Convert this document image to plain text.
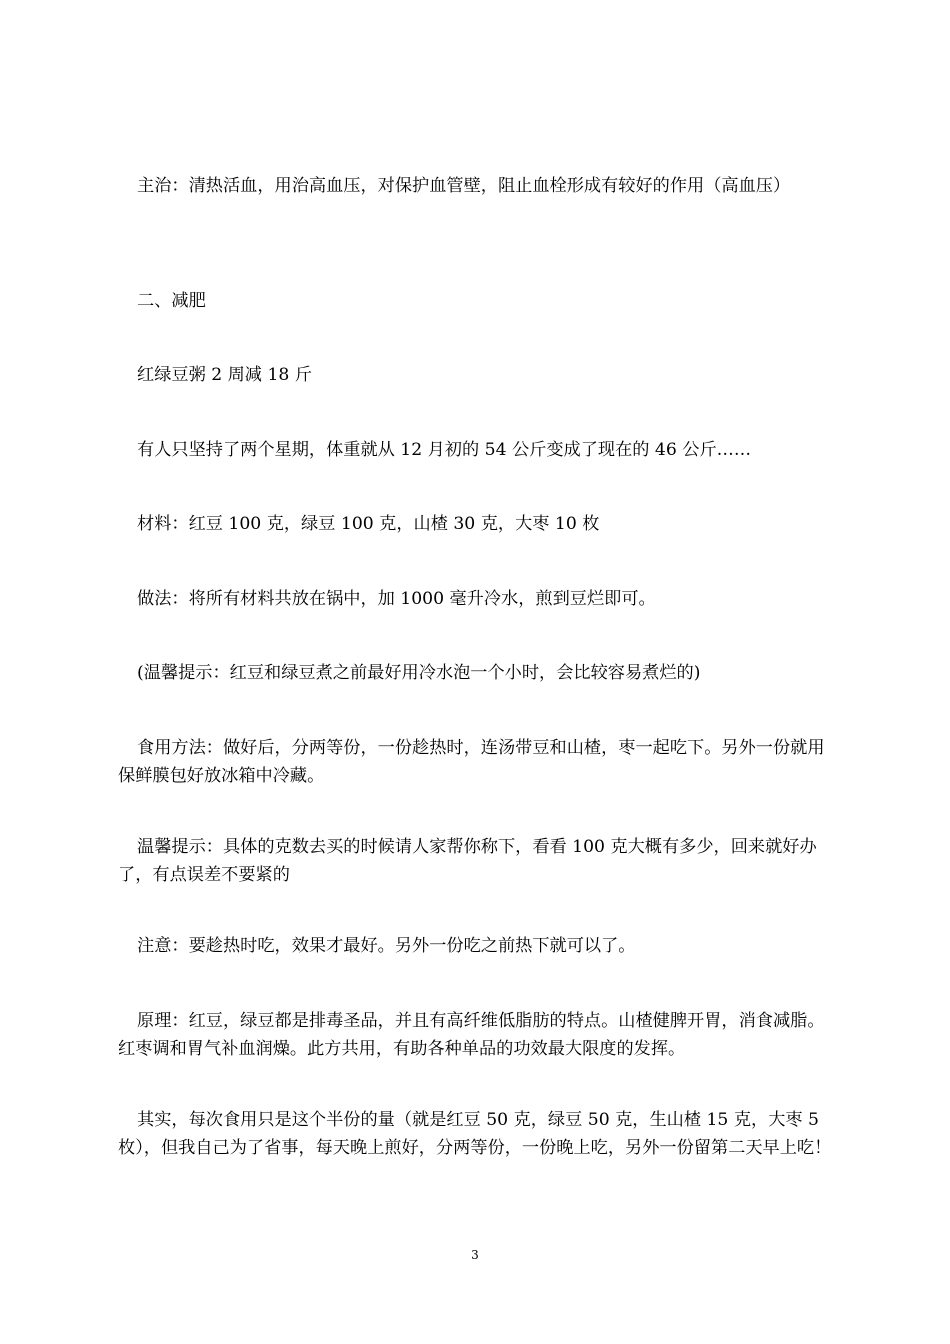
主治：清热活血，用治高血压，对保护血管壁，阻止血栓形成有较好的作用（高血压）

二、减肥

红绿豆粥 2 周减 18 斤

有人只坚持了两个星期，体重就从 12 月初的 54 公斤变成了现在的 46 公斤……

材料：红豆 100 克，绿豆 100 克，山楂 30 克，大枣 10 枚

做法：将所有材料共放在锅中，加 1000 毫升冷水，煎到豆烂即可。

(温馨提示：红豆和绿豆煮之前最好用冷水泡一个小时，会比较容易煮烂的)

食用方法：做好后，分两等份，一份趁热时，连汤带豆和山楂，枣一起吃下。另外一份就用保鲜膜包好放冰箱中冷藏。

温馨提示：具体的克数去买的时候请人家帮你称下，看看 100 克大概有多少，回来就好办了，有点误差不要紧的

注意：要趁热时吃，效果才最好。另外一份吃之前热下就可以了。

原理：红豆，绿豆都是排毒圣品，并且有高纤维低脂肪的特点。山楂健脾开胃，消食减脂。红枣调和胃气补血润燥。此方共用，有助各种单品的功效最大限度的发挥。

其实，每次食用只是这个半份的量（就是红豆 50 克，绿豆 50 克，生山楂 15 克，大枣 5 枚），但我自己为了省事，每天晚上煎好，分两等份，一份晚上吃，另外一份留第二天早上吃！

3
